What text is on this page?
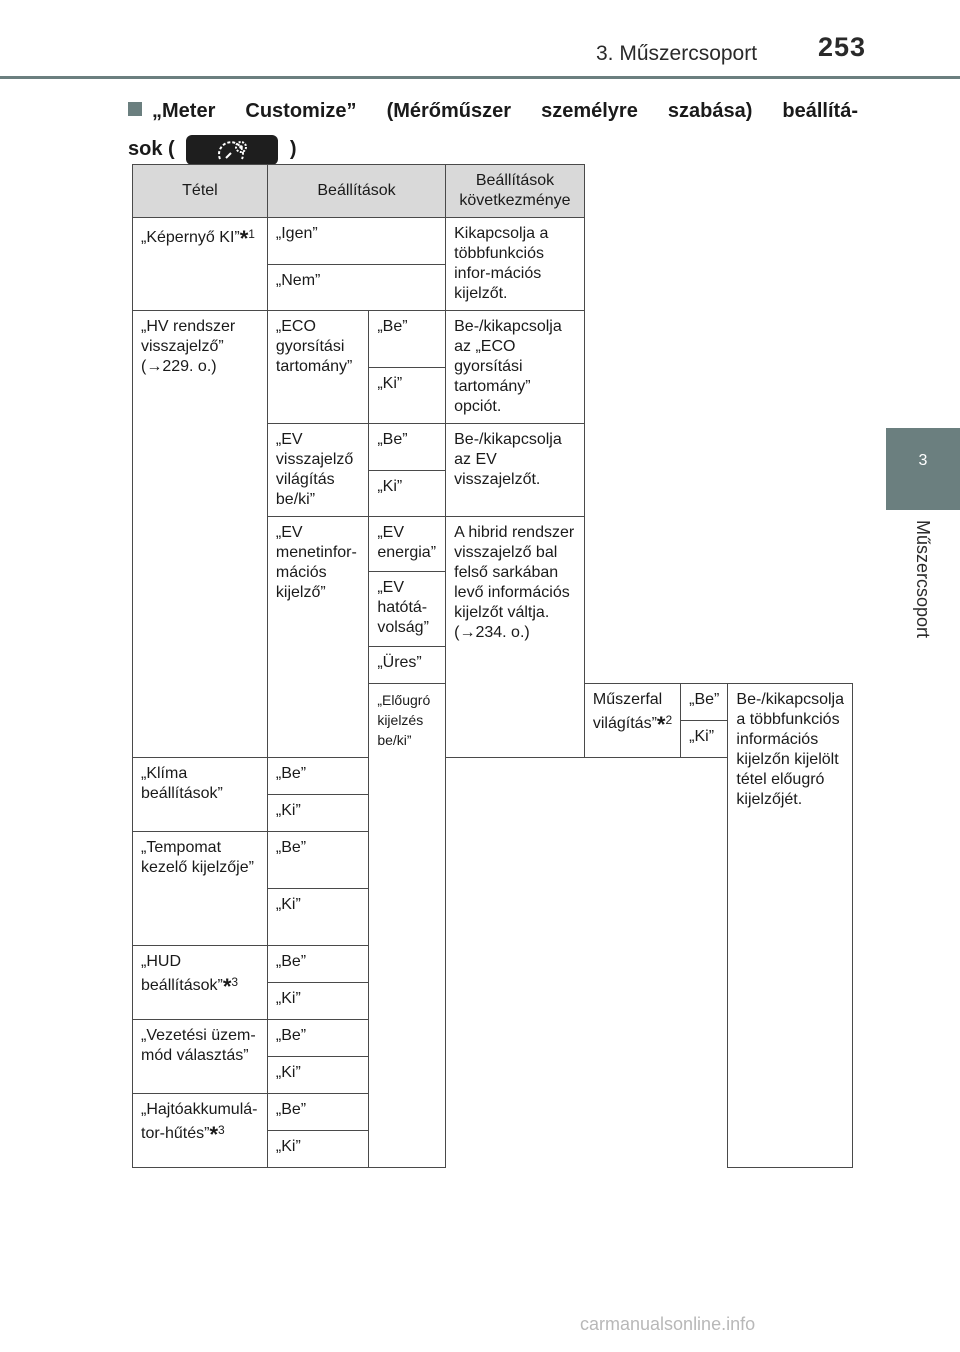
3. Műszercsoport 253
3
Műszercsoport
„Meter Customize” (Mérőműszer személyre szabása) beállítá-
sok (	)
Tétel	Beállítások		Beállítások következménye			
„Képernyő KI”*$^1$	„Igen”		Kikapcsolja a többfunkciós infor-mációs kijelzőt.			
	„Nem”					
„HV rendszer visszajelző” (→229. o.)	„ECO gyorsítási tartomány”	„Be”	Be-/kikapcsolja az „ECO gyorsítási tartomány” opciót.			
		„Ki”				
	„EV visszajelző világítás be/ki”	„Be”	Be-/kikapcsolja az EV visszajelzőt.			
		„Ki”				
	„EV menetinfor-mációs kijelző”	„EV energia”	A hibrid rendszer visszajelző bal felső sarkában levő információs kijelzőt váltja. (→234. o.)			
		„EV hatótá-volság”				
		„Üres”				
		„Előugró kijelzés be/ki”		Műszerfal világítás”*$^2$	„Be”	Be-/kikapcsolja a többfunkciós információs kijelzőn kijelölt tétel előugró kijelzőjét.
					„Ki”	
„Klíma beállítások”	„Be”					
	„Ki”					
„Tempomat kezelő kijelzője”	„Be”					
	„Ki”					
„HUD beállítások”*$^3$	„Be”					
	„Ki”					
„Vezetési üzem-mód választás”	„Be”					
	„Ki”					
„Hajtóakkumulá-tor-hűtés”*$^3$	„Be”					
	„Ki”					
carmanualsonline.info
